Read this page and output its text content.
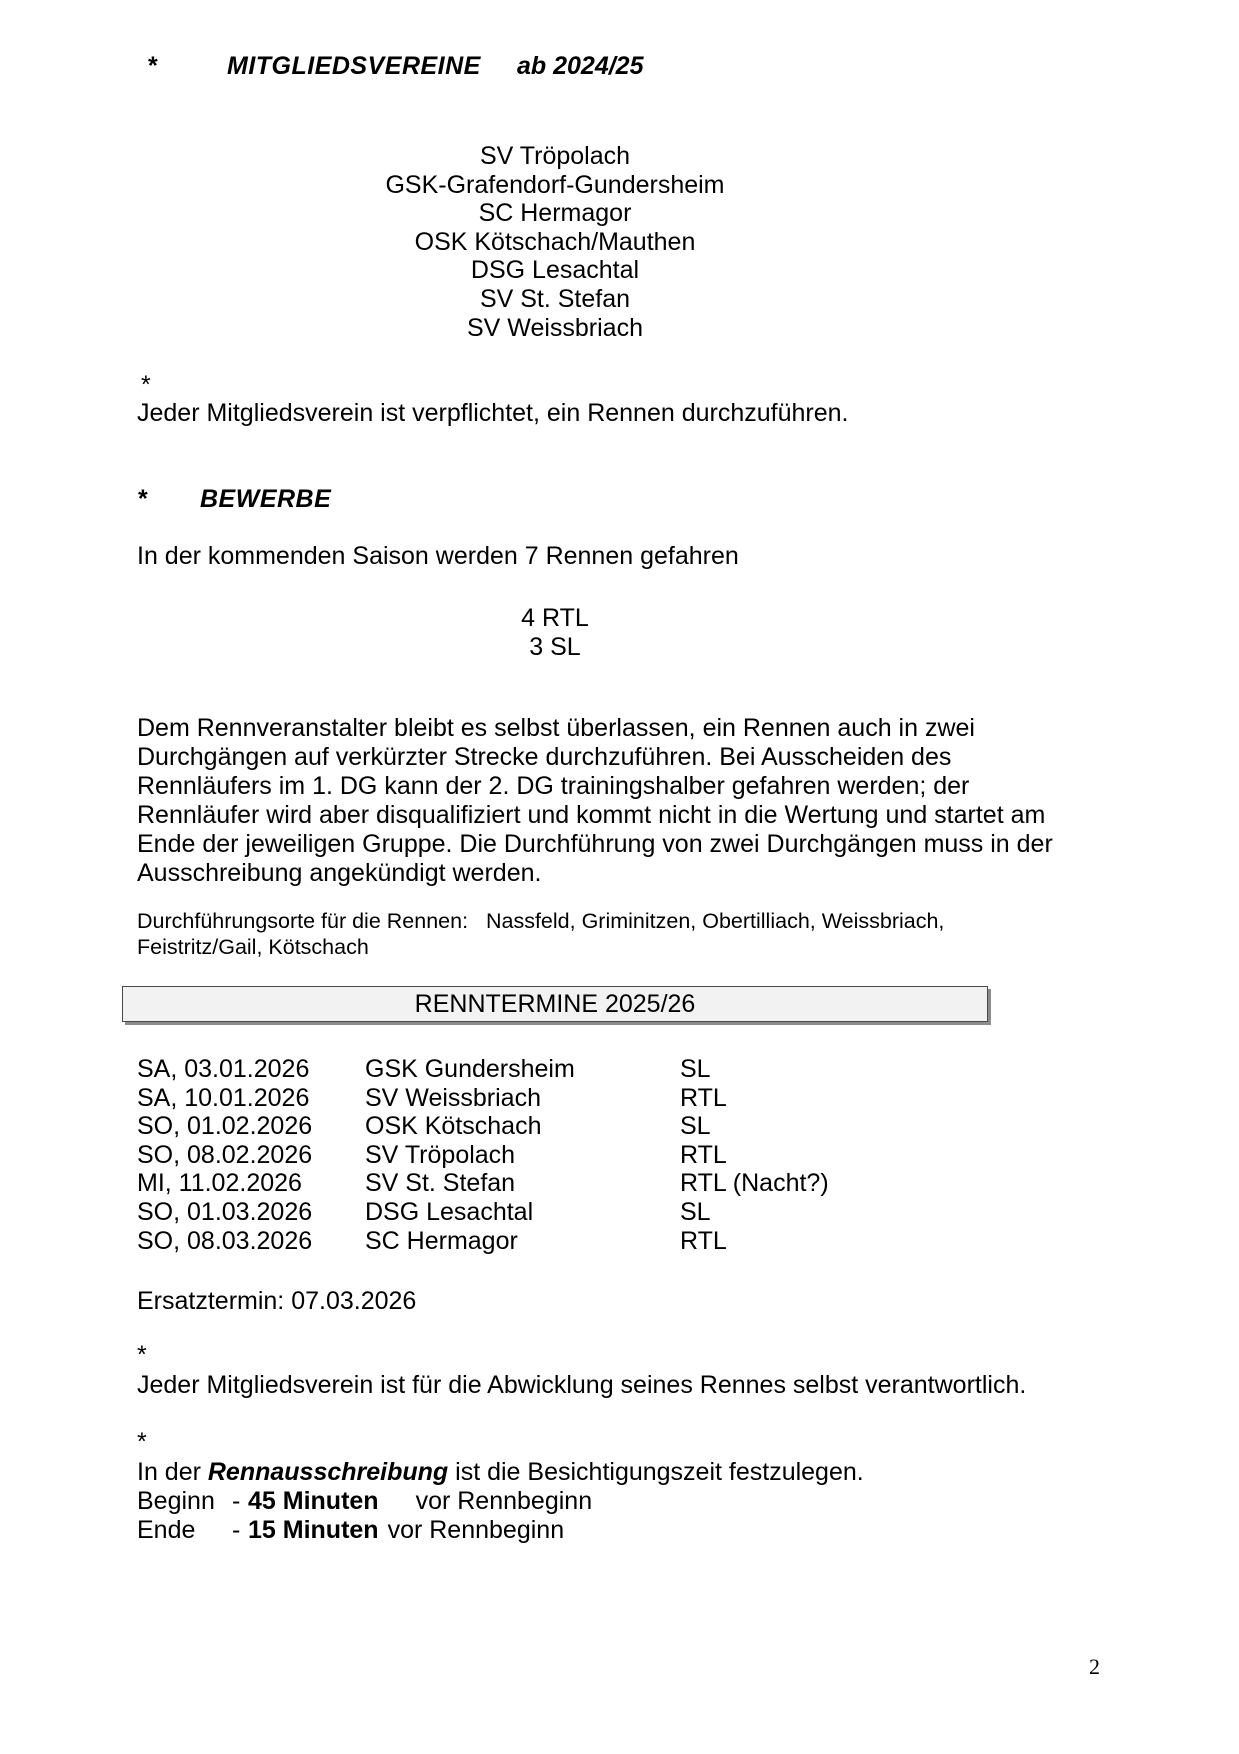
*	MITGLIEDSVEREINE ab 2024/25
SV Tröpolach
GSK-Grafendorf-Gundersheim
SC Hermagor
OSK Kötschach/Mauthen
DSG Lesachtal
SV St. Stefan
SV Weissbriach
*
Jeder Mitgliedsverein ist verpflichtet, ein Rennen durchzuführen.
* BEWERBE
In der kommenden Saison werden 7 Rennen gefahren
4 RTL
3 SL
Dem Rennveranstalter bleibt es selbst überlassen, ein Rennen auch in zwei
Durchgängen auf verkürzter Strecke durchzuführen. Bei Ausscheiden des
Rennläufers im 1. DG kann der 2. DG trainingshalber gefahren werden; der
Rennläufer wird aber disqualifiziert und kommt nicht in die Wertung und startet am
Ende der jeweiligen Gruppe. Die Durchführung von zwei Durchgängen muss in der
Ausschreibung angekündigt werden.
Durchführungsorte für die Rennen:   Nassfeld, Griminitzen, Obertilliach, Weissbriach,
Feistritz/Gail, Kötschach
RENNTERMINE 2025/26
SA, 03.01.2026	GSK Gundersheim	SL
SA, 10.01.2026	SV Weissbriach	RTL
SO, 01.02.2026	OSK Kötschach	SL
SO, 08.02.2026	SV Tröpolach	RTL
MI, 11.02.2026	SV St. Stefan	RTL (Nacht?)
SO, 01.03.2026	DSG Lesachtal	SL
SO, 08.03.2026	SC Hermagor	RTL
Ersatztermin: 07.03.2026
*
Jeder Mitgliedsverein ist für die Abwicklung seines Rennes selbst verantwortlich.
*
In der Rennausschreibung ist die Besichtigungszeit festzulegen.
Beginn - 45 Minuten vor Rennbeginn
Ende	- 15 Minuten vor Rennbeginn
2
